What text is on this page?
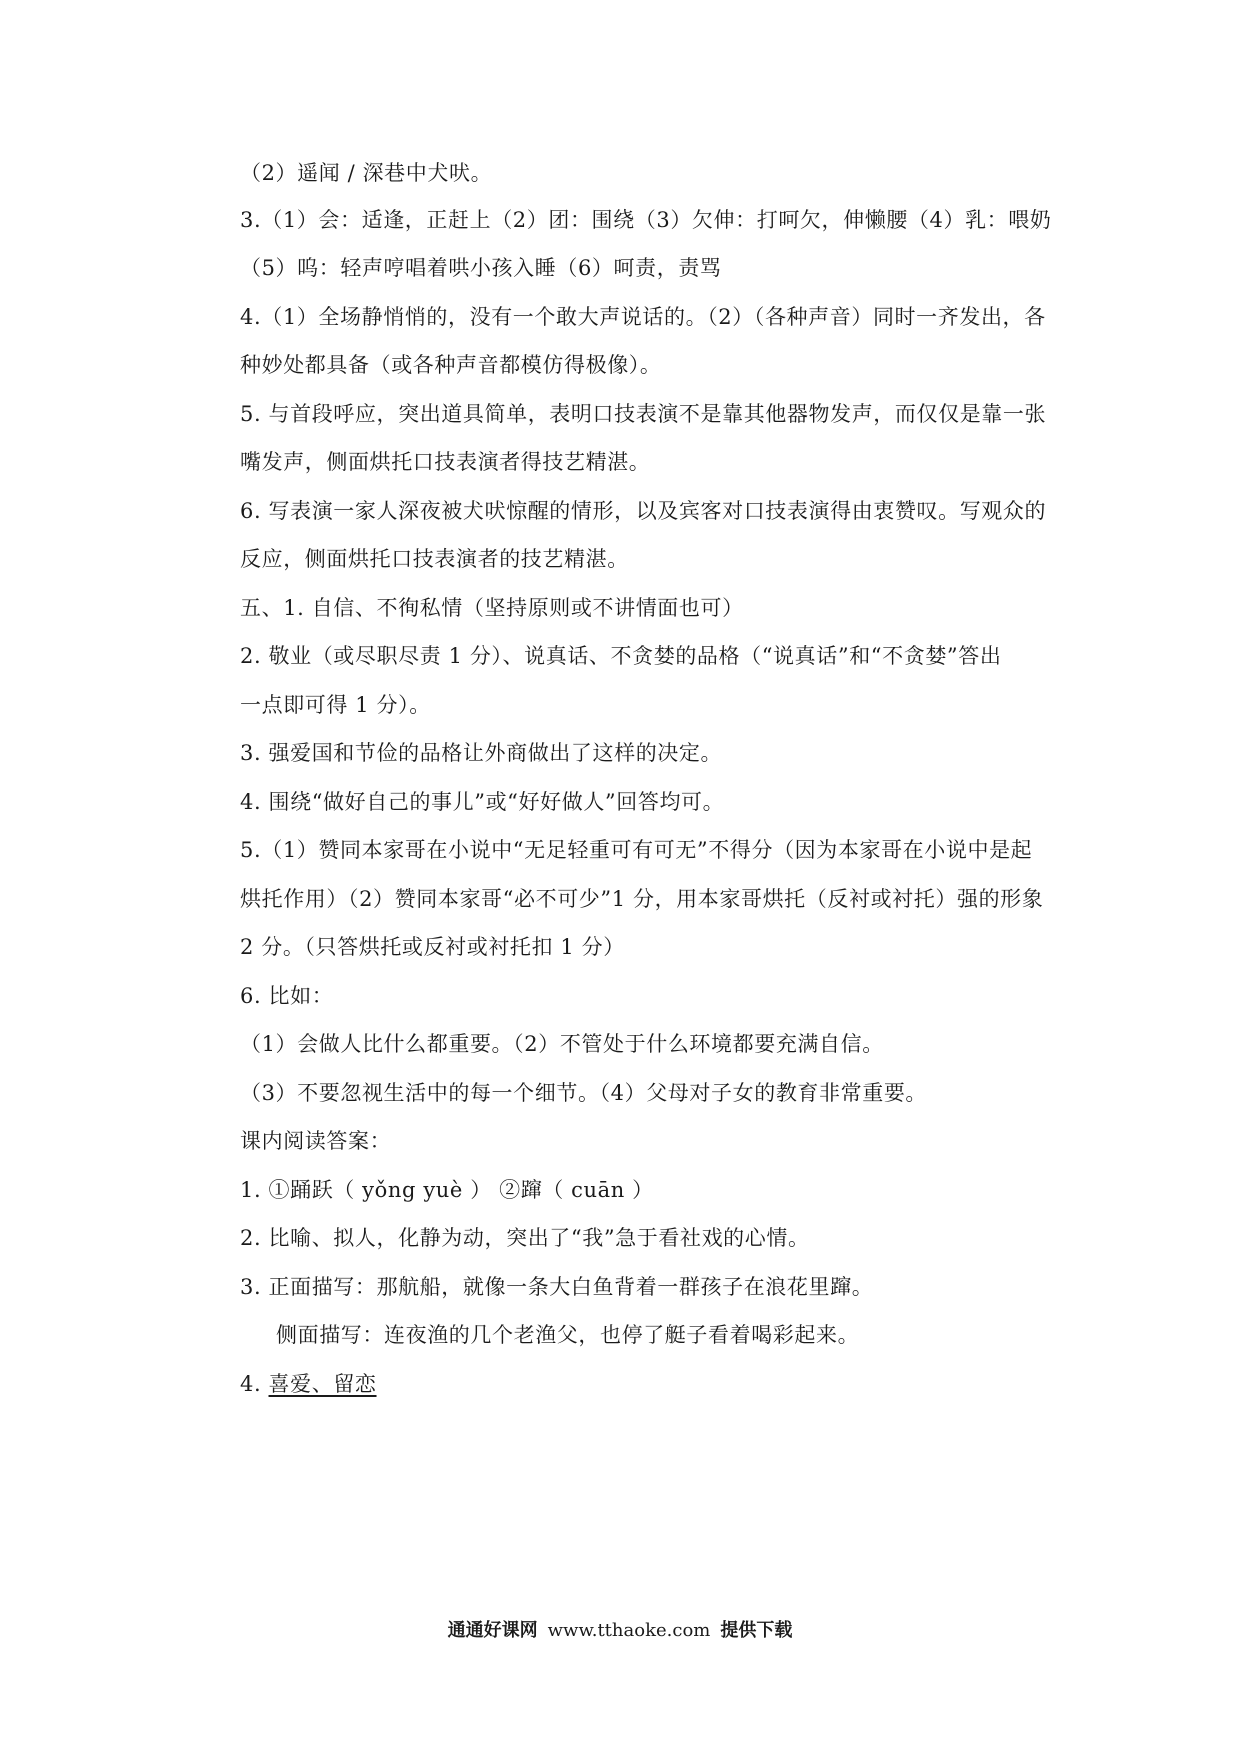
（2）遥闻 / 深巷中犬吠。
3.（1）会：适逢，正赶上（2）团：围绕（3）欠伸：打呵欠，伸懒腰（4）乳：喂奶
（5）呜：轻声哼唱着哄小孩入睡（6）呵责，责骂
4.（1）全场静悄悄的，没有一个敢大声说话的。（2）（各种声音）同时一齐发出，各
种妙处都具备（或各种声音都模仿得极像）。
5. 与首段呼应，突出道具简单，表明口技表演不是靠其他器物发声，而仅仅是靠一张
嘴发声，侧面烘托口技表演者得技艺精湛。
6. 写表演一家人深夜被犬吠惊醒的情形，以及宾客对口技表演得由衷赞叹。写观众的
反应，侧面烘托口技表演者的技艺精湛。
五、1. 自信、不徇私情（坚持原则或不讲情面也可）
2. 敬业（或尽职尽责 1 分）、说真话、不贪婪的品格（“说真话”和“不贪婪”答出
一点即可得 1 分）。
3. 强爱国和节俭的品格让外商做出了这样的决定。
4. 围绕“做好自己的事儿”或“好好做人”回答均可。
5.（1）赞同本家哥在小说中“无足轻重可有可无”不得分（因为本家哥在小说中是起
烘托作用）（2）赞同本家哥“必不可少”1 分，用本家哥烘托（反衬或衬托）强的形象
2 分。（只答烘托或反衬或衬托扣 1 分）
6. 比如：
（1）会做人比什么都重要。（2）不管处于什么环境都要充满自信。
（3）不要忽视生活中的每一个细节。（4）父母对子女的教育非常重要。
课内阅读答案：
1. ①踊跃（ yǒng yuè ） ②蹿（ cuān ）
2. 比喻、拟人，化静为动，突出了“我”急于看社戏的心情。
3. 正面描写：那航船，就像一条大白鱼背着一群孩子在浪花里蹿。
侧面描写：连夜渔的几个老渔父，也停了艇子看着喝彩起来。
4. 喜爱、留恋
通通好课网 www.tthaoke.com 提供下载
